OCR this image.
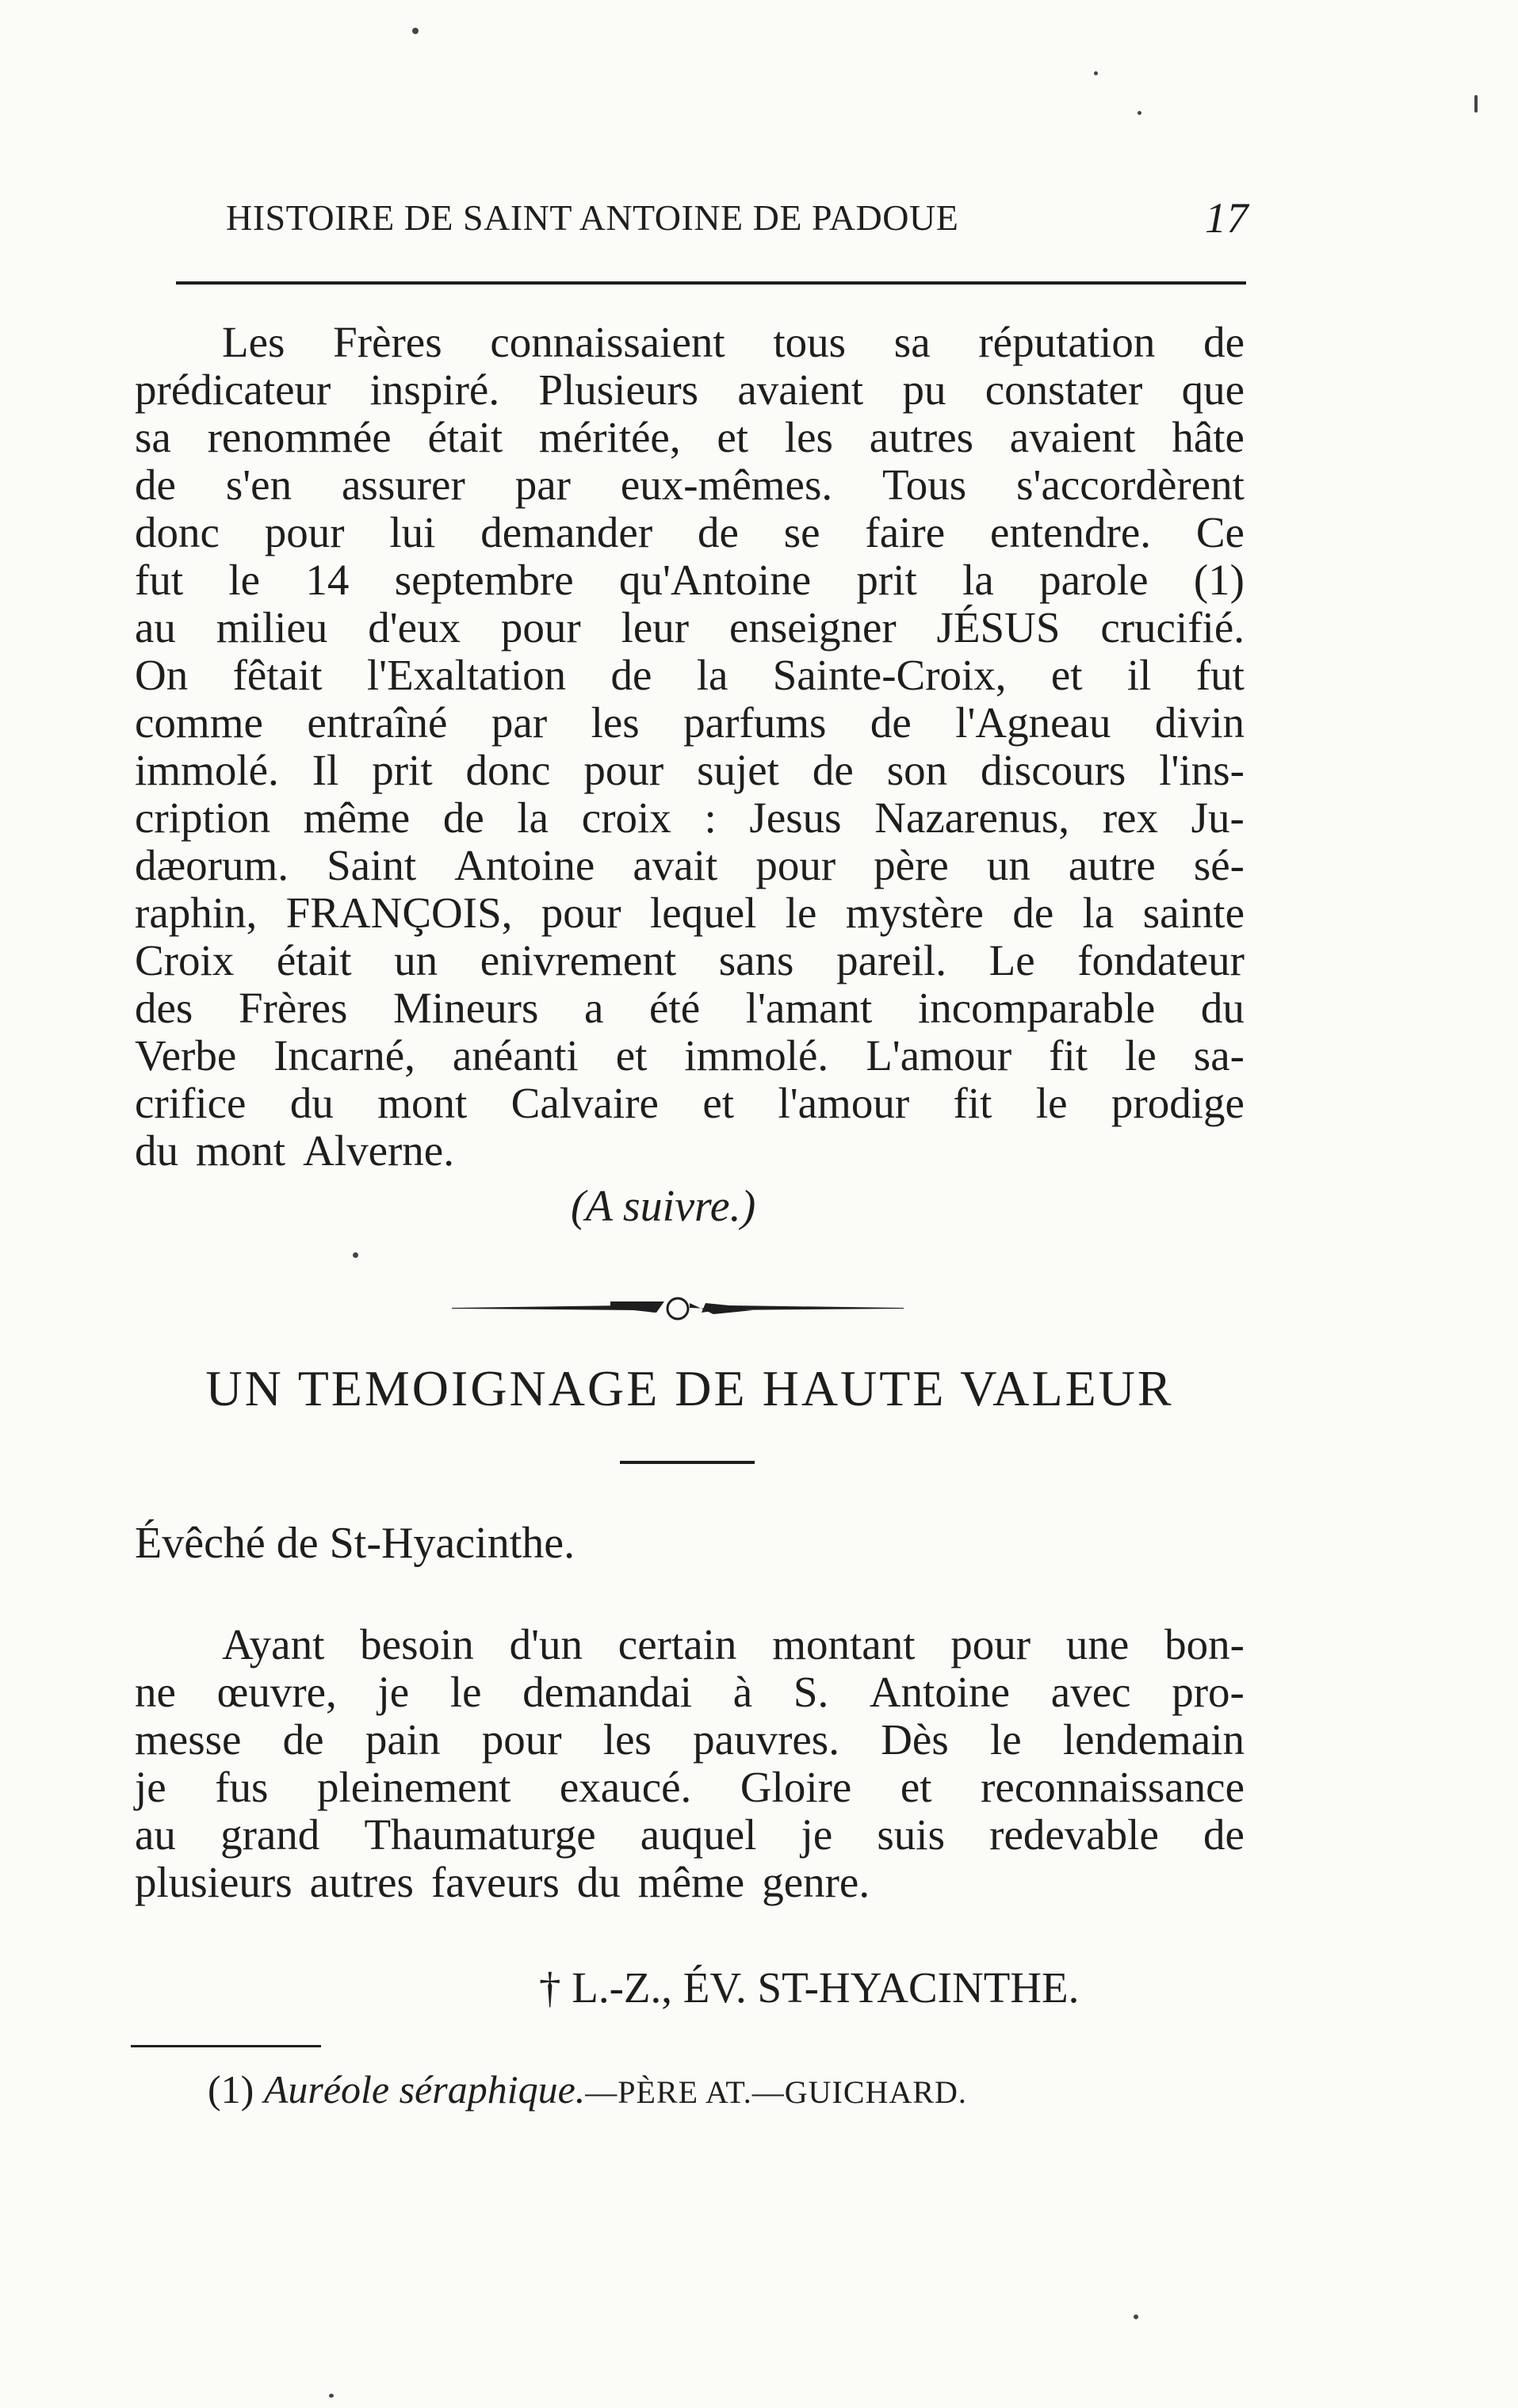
HISTOIRE DE SAINT ANTOINE DE PADOUE	17
Les Frères connaissaient tous sa réputation de
prédicateur inspiré. Plusieurs avaient pu constater que
sa renommée était méritée, et les autres avaient hâte
de s'en assurer par eux-mêmes. Tous s'accordèrent
donc pour lui demander de se faire entendre. Ce
fut le 14 septembre qu'Antoine prit la parole (1)
au milieu d'eux pour leur enseigner JÉSUS crucifié.
On fêtait l'Exaltation de la Sainte-Croix, et il fut
comme entraîné par les parfums de l'Agneau divin
immolé. Il prit donc pour sujet de son discours l'ins-
cription même de la croix : Jesus Nazarenus, rex Ju-
dæorum. Saint Antoine avait pour père un autre sé-
raphin, FRANÇOIS, pour lequel le mystère de la sainte
Croix était un enivrement sans pareil. Le fondateur
des Frères Mineurs a été l'amant incomparable du
Verbe Incarné, anéanti et immolé. L'amour fit le sa-
crifice du mont Calvaire et l'amour fit le prodige
du mont Alverne.
(A suivre.)
UN TEMOIGNAGE DE HAUTE VALEUR
Évêché de St-Hyacinthe.
Ayant besoin d'un certain montant pour une bon-
ne œuvre, je le demandai à S. Antoine avec pro-
messe de pain pour les pauvres. Dès le lendemain
je fus pleinement exaucé. Gloire et reconnaissance
au grand Thaumaturge auquel je suis redevable de
plusieurs autres faveurs du même genre.
† L.-Z., ÉV. ST-HYACINTHE.
(1) Auréole séraphique.—PÈRE AT.—GUICHARD.
